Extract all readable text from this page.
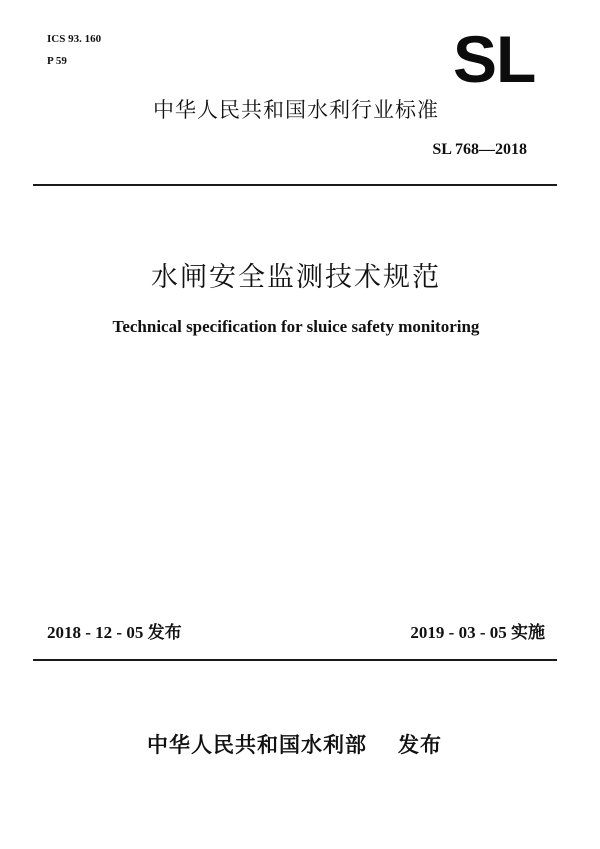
ICS 93. 160
P 59	SL
中华人民共和国水利行业标准
SL 768—2018
水闸安全监测技术规范
Technical specification for sluice safety monitoring
2018 - 12 - 05 发布	2019 - 03 - 05 实施
中华人民共和国水利部 发布
